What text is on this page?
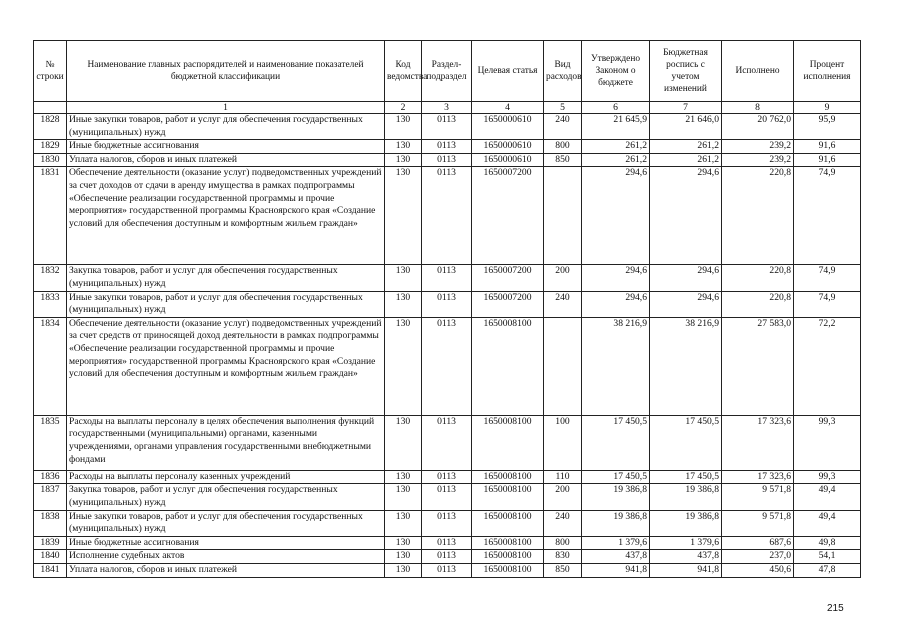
№ строки	Наименование главных распорядителей и наименование показателей бюджетной классификации	Код ведомства	Раздел-подраздел	Целевая статья	Вид расходов	Утверждено Законом о бюджете	Бюджетная роспись с учетом изменений	Исполнено	Процент исполнения
	1	2	3	4	5	6	7	8	9
1828	Иные закупки товаров, работ и услуг для обеспечения государственных (муниципальных) нужд	130	0113	1650000610	240	21 645,9	21 646,0	20 762,0	95,9
1829	Иные бюджетные ассигнования	130	0113	1650000610	800	261,2	261,2	239,2	91,6
1830	Уплата налогов, сборов и иных платежей	130	0113	1650000610	850	261,2	261,2	239,2	91,6
1831	Обеспечение деятельности (оказание услуг) подведомственных учреждений за счет доходов от сдачи в аренду имущества в рамках подпрограммы «Обеспечение реализации государственной программы и прочие мероприятия» государственной программы Красноярского края «Создание условий для обеспечения доступным и комфортным жильем граждан»	130	0113	1650007200		294,6	294,6	220,8	74,9
1832	Закупка товаров, работ и услуг для обеспечения государственных (муниципальных) нужд	130	0113	1650007200	200	294,6	294,6	220,8	74,9
1833	Иные закупки товаров, работ и услуг для обеспечения государственных (муниципальных) нужд	130	0113	1650007200	240	294,6	294,6	220,8	74,9
1834	Обеспечение деятельности (оказание услуг) подведомственных учреждений за счет средств от приносящей доход деятельности в рамках подпрограммы «Обеспечение реализации государственной программы и прочие мероприятия» государственной программы Красноярского края «Создание условий для обеспечения доступным и комфортным жильем граждан»	130	0113	1650008100		38 216,9	38 216,9	27 583,0	72,2
1835	Расходы на выплаты персоналу в целях обеспечения выполнения функций государственными (муниципальными) органами, казенными учреждениями, органами управления государственными внебюджетными фондами	130	0113	1650008100	100	17 450,5	17 450,5	17 323,6	99,3
1836	Расходы на выплаты персоналу казенных учреждений	130	0113	1650008100	110	17 450,5	17 450,5	17 323,6	99,3
1837	Закупка товаров, работ и услуг для обеспечения государственных (муниципальных) нужд	130	0113	1650008100	200	19 386,8	19 386,8	9 571,8	49,4
1838	Иные закупки товаров, работ и услуг для обеспечения государственных (муниципальных) нужд	130	0113	1650008100	240	19 386,8	19 386,8	9 571,8	49,4
1839	Иные бюджетные ассигнования	130	0113	1650008100	800	1 379,6	1 379,6	687,6	49,8
1840	Исполнение судебных актов	130	0113	1650008100	830	437,8	437,8	237,0	54,1
1841	Уплата налогов, сборов и иных платежей	130	0113	1650008100	850	941,8	941,8	450,6	47,8
215
